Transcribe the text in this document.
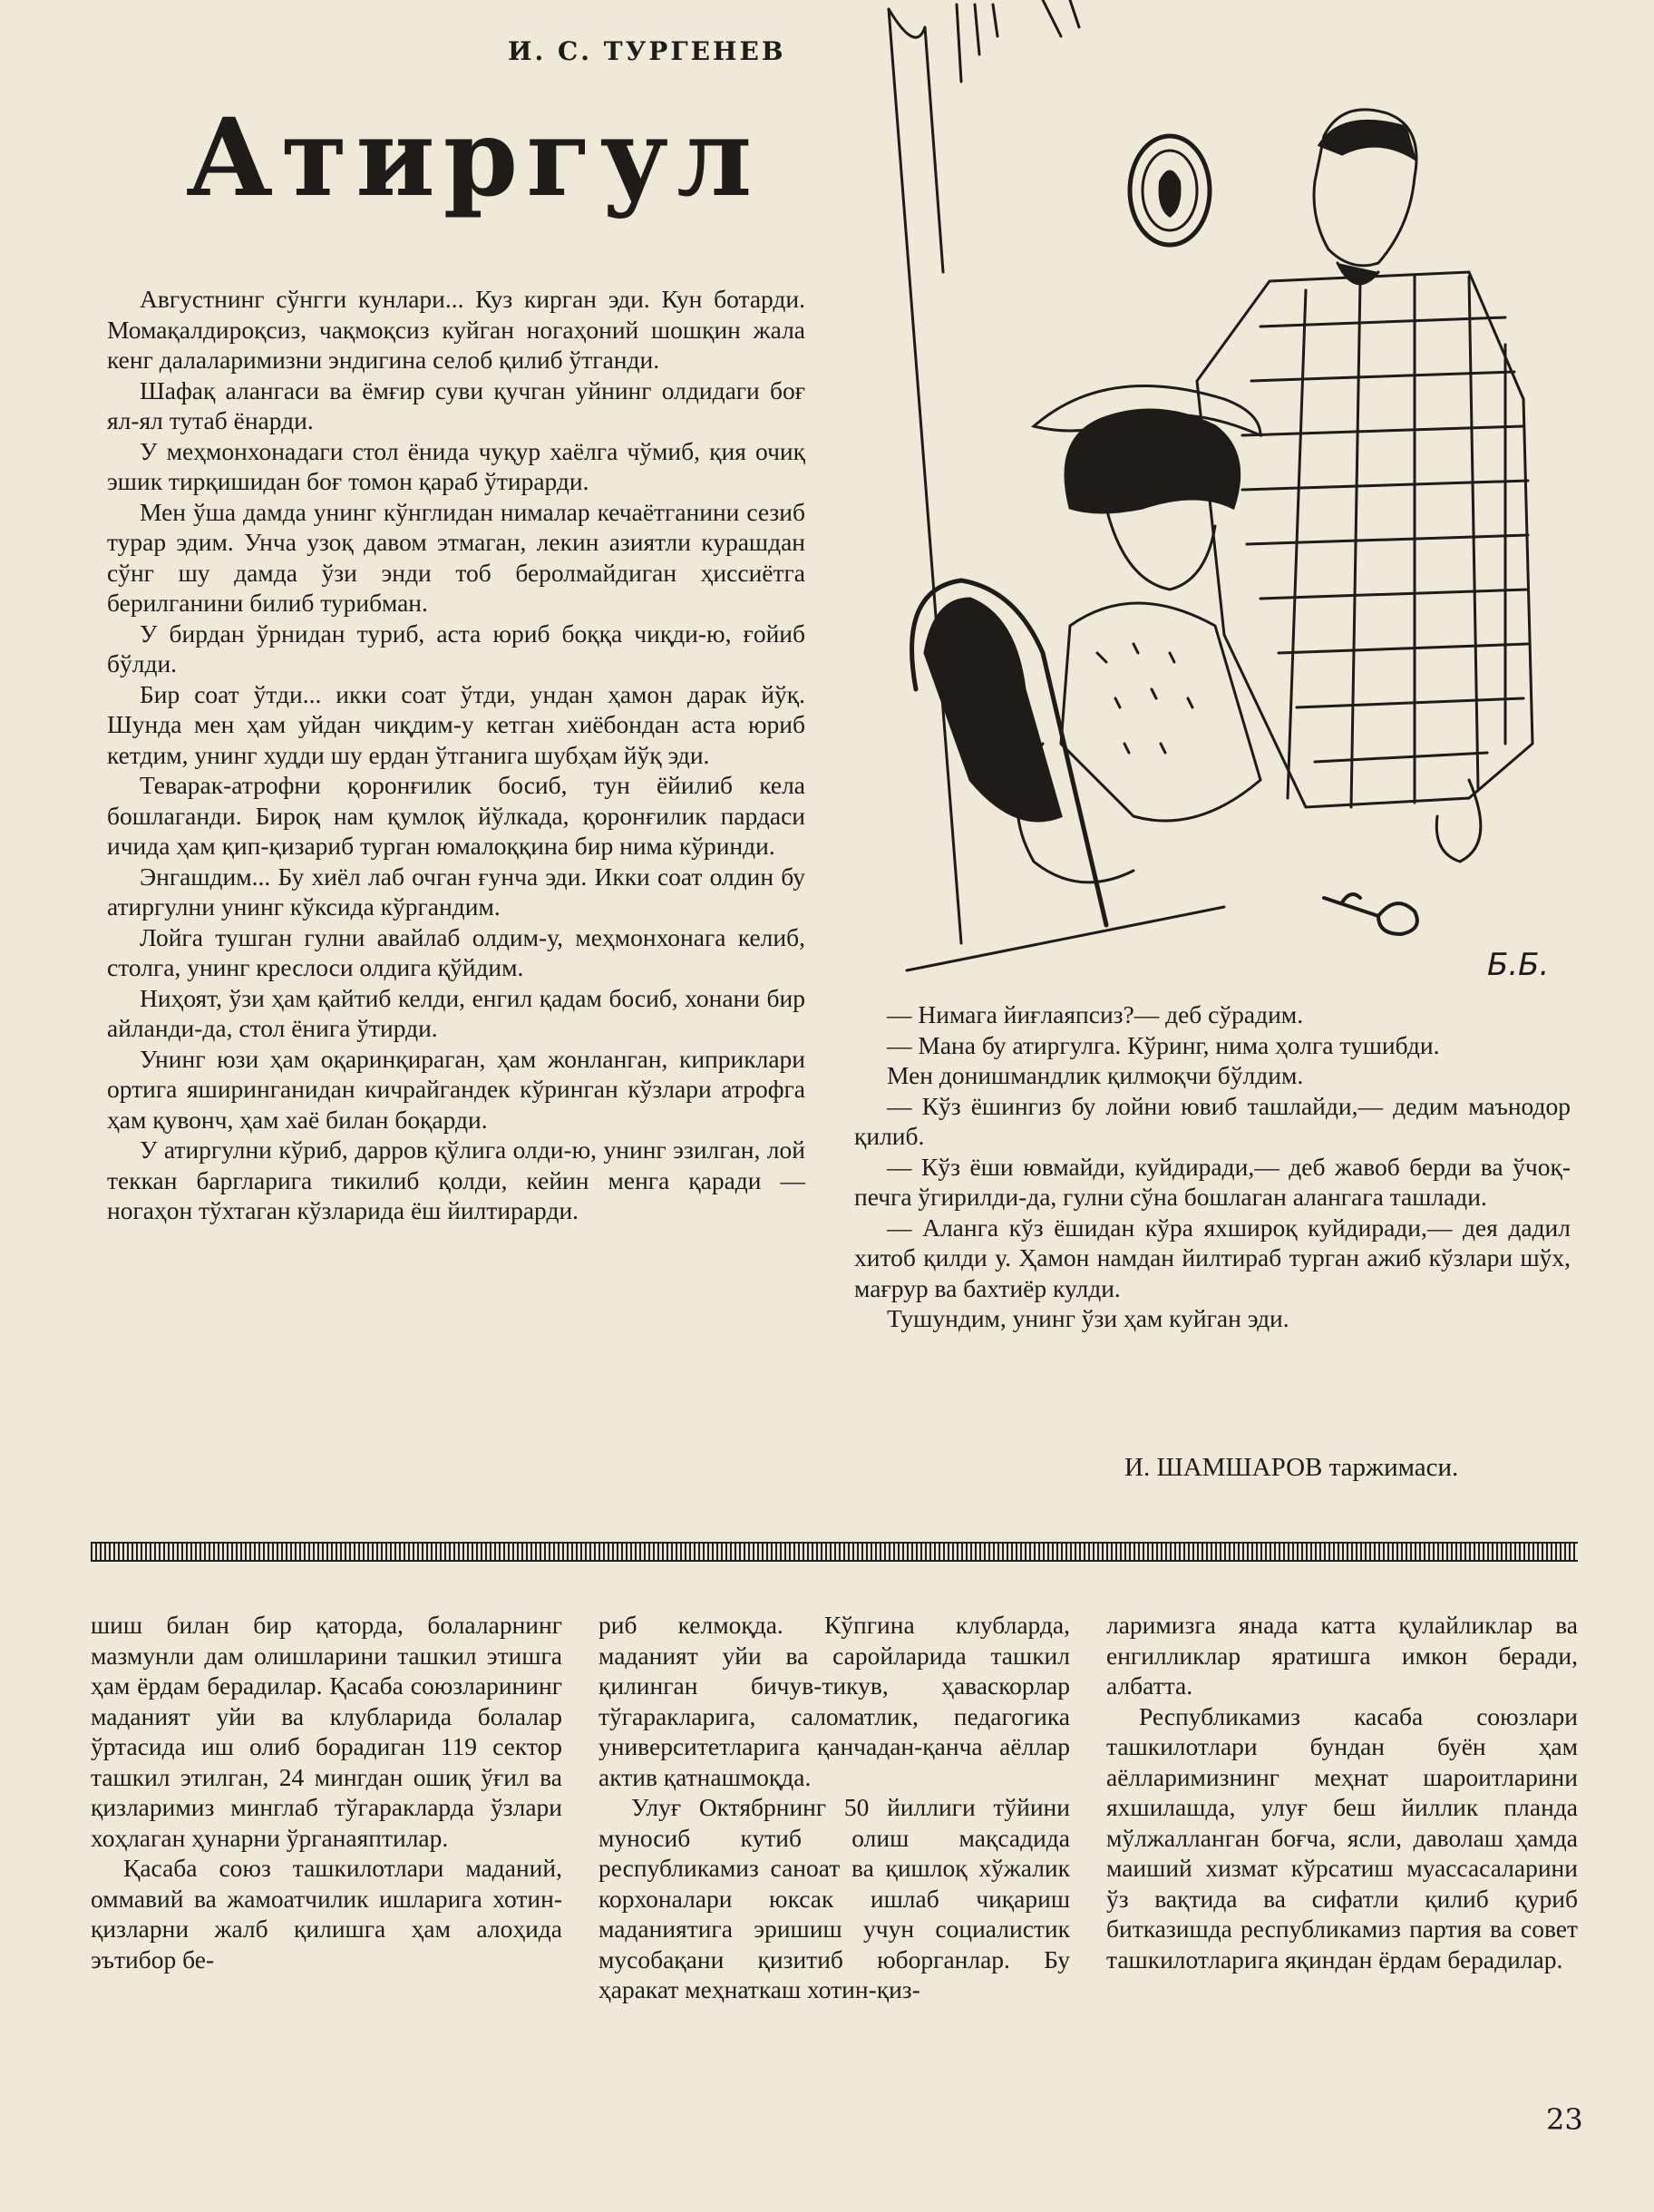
И. С. ТУРГЕНЕВ
Атиргул

Августнинг сўнгги кунлари... Куз кирган эди. Кун ботарди. Момақалдироқсиз, чақмоқсиз куйган ногаҳоний шошқин жала кенг далаларимизни эндигина селоб қилиб ўтганди.

Шафақ алангаси ва ёмғир суви қучган уйнинг олдидаги боғ ял-ял тутаб ёнарди.

У меҳмонхонадаги стол ёнида чуқур хаёлга чўмиб, қия очиқ эшик тирқишидан боғ томон қараб ўтирарди.

Мен ўша дамда унинг кўнглидан нималар кечаётганини сезиб турар эдим. Унча узоқ давом этмаган, лекин азиятли курашдан сўнг шу дамда ўзи энди тоб беролмайдиган ҳиссиётга берилганини билиб турибман.

У бирдан ўрнидан туриб, аста юриб боққа чиқди-ю, ғойиб бўлди.

Бир соат ўтди... икки соат ўтди, ундан ҳамон дарак йўқ. Шунда мен ҳам уйдан чиқдим-у кетган хиёбондан аста юриб кетдим, унинг худди шу ердан ўтганига шубҳам йўқ эди.

Теварак-атрофни қоронғилик босиб, тун ёйилиб кела бошлаганди. Бироқ нам қумлоқ йўлкада, қоронғилик пардаси ичида ҳам қип-қизариб турган юмалоққина бир нима кўринди.

Энгашдим... Бу хиёл лаб очган ғунча эди. Икки соат олдин бу атиргулни унинг кўксида кўргандим.

Лойга тушган гулни авайлаб олдим-у, меҳмонхонага келиб, столга, унинг креслоси олдига қўйдим.

Ниҳоят, ўзи ҳам қайтиб келди, енгил қадам босиб, хонани бир айланди-да, стол ёнига ўтирди.

Унинг юзи ҳам оқаринқираган, ҳам жонланган, киприклари ортига яширинганидан кичрайгандек кўринган кўзлари атрофга ҳам қувонч, ҳам хаё билан боқарди.

У атиргулни кўриб, дарров қўлига олди-ю, унинг эзилган, лой теккан баргларига тикилиб қолди, кейин менга қаради — ногаҳон тўхтаган кўзларида ёш йилтирарди.

Б.Б.

— Нимага йиғлаяпсиз?— деб сўрадим.

— Мана бу атиргулга. Кўринг, нима ҳолга тушибди.

Мен донишмандлик қилмоқчи бўлдим.

— Кўз ёшингиз бу лойни ювиб ташлайди,— дедим маънодор қилиб.

— Кўз ёши ювмайди, куйдиради,— деб жавоб берди ва ўчоқ-печга ўгирилди-да, гулни сўна бошлаган алангага ташлади.

— Аланга кўз ёшидан кўра яхшироқ куйдиради,— дея дадил хитоб қилди у. Ҳамон намдан йилтираб турган ажиб кўзлари шўх, мағрур ва бахтиёр кулди.

Тушундим, унинг ўзи ҳам куйган эди.

И. ШАМШАРОВ таржимаси.

шиш билан бир қаторда, болаларнинг мазмунли дам олишларини ташкил этишга ҳам ёрдам берадилар. Қасаба союзларининг маданият уйи ва клубларида болалар ўртасида иш олиб борадиган 119 сектор ташкил этилган, 24 мингдан ошиқ ўғил ва қизларимиз минглаб тўгаракларда ўзлари хоҳлаган ҳунарни ўрганаяптилар.

Қасаба союз ташкилотлари маданий, оммавий ва жамоатчилик ишларига хотин-қизларни жалб қилишга ҳам алоҳида эътибор бе-

риб келмоқда. Кўпгина клубларда, маданият уйи ва саройларида ташкил қилинган бичув-тикув, ҳаваскорлар тўгаракларига, саломатлик, педагогика университетларига қанчадан-қанча аёллар актив қатнашмоқда.

Улуғ Октябрнинг 50 йиллиги тўйини муносиб кутиб олиш мақсадида республикамиз саноат ва қишлоқ хўжалик корхоналари юксак ишлаб чиқариш маданиятига эришиш учун социалистик мусобақани қизитиб юборганлар. Бу ҳаракат меҳнаткаш хотин-қиз-

ларимизга янада катта қулайликлар ва енгилликлар яратишга имкон беради, албатта.

Республикамиз касаба союзлари ташкилотлари бундан буён ҳам аёлларимизнинг меҳнат шароитларини яхшилашда, улуғ беш йиллик планда мўлжалланган боғча, ясли, даволаш ҳамда маиший хизмат кўрсатиш муассасаларини ўз вақтида ва сифатли қилиб қуриб битказишда республикамиз партия ва совет ташкилотларига яқиндан ёрдам берадилар.

23
